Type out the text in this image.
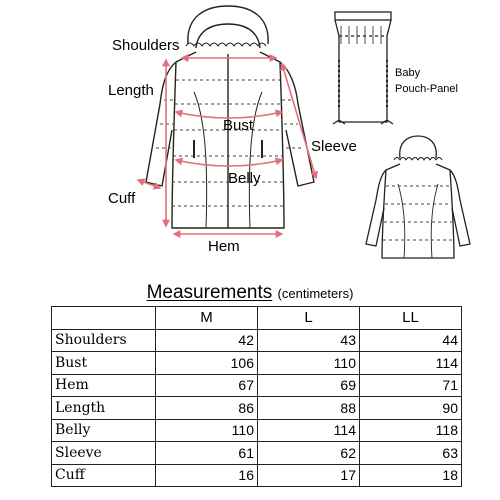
Shoulders
Length
Bust
Sleeve
Belly
Cuff
Hem
Baby
Pouch-Panel
Measurements (centimeters)
	M	L	LL
Shoulders	42	43	44
Bust	106	110	114
Hem	67	69	71
Length	86	88	90
Belly	110	114	118
Sleeve	61	62	63
Cuff	16	17	18
